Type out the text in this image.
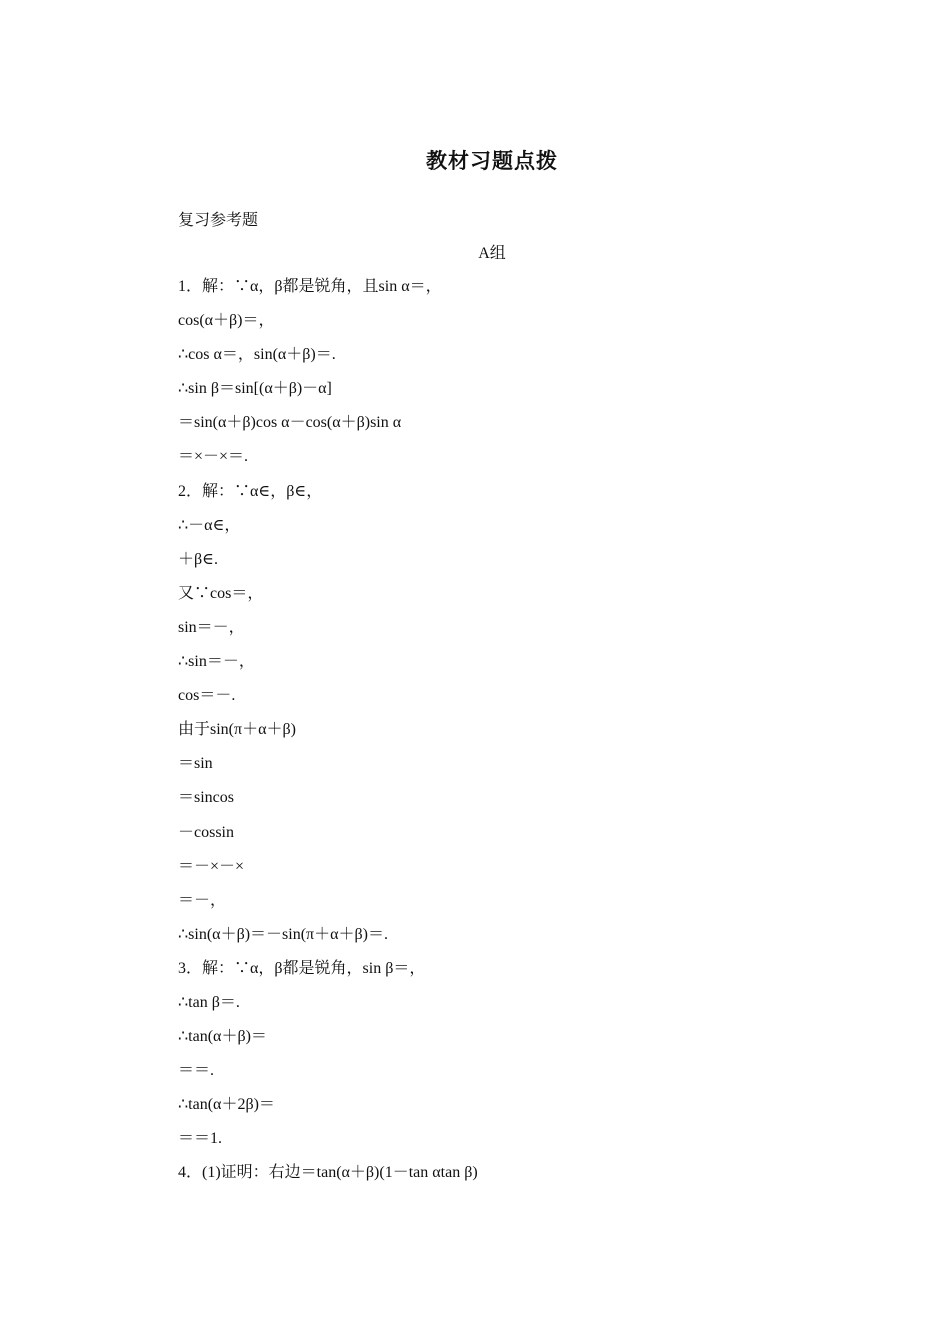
教材习题点拨
复习参考题
A组
1．解：∵α，β都是锐角，且sin α＝，
cos(α＋β)＝，
∴cos α＝，sin(α＋β)＝.
∴sin β＝sin[(α＋β)－α]
＝sin(α＋β)cos α－cos(α＋β)sin α
＝×－×＝.
2．解：∵α∈，β∈，
∴－α∈，
＋β∈.
又∵cos＝，
sin＝－，
∴sin＝－，
cos＝－.
由于sin(π＋α＋β)
＝sin
＝sincos
－cossin
＝－×－×
＝－，
∴sin(α＋β)＝－sin(π＋α＋β)＝.
3．解：∵α，β都是锐角，sin β＝，
∴tan β＝.
∴tan(α＋β)＝
＝＝.
∴tan(α＋2β)＝
＝＝1.
4．(1)证明：右边＝tan(α＋β)(1－tan αtan β)
